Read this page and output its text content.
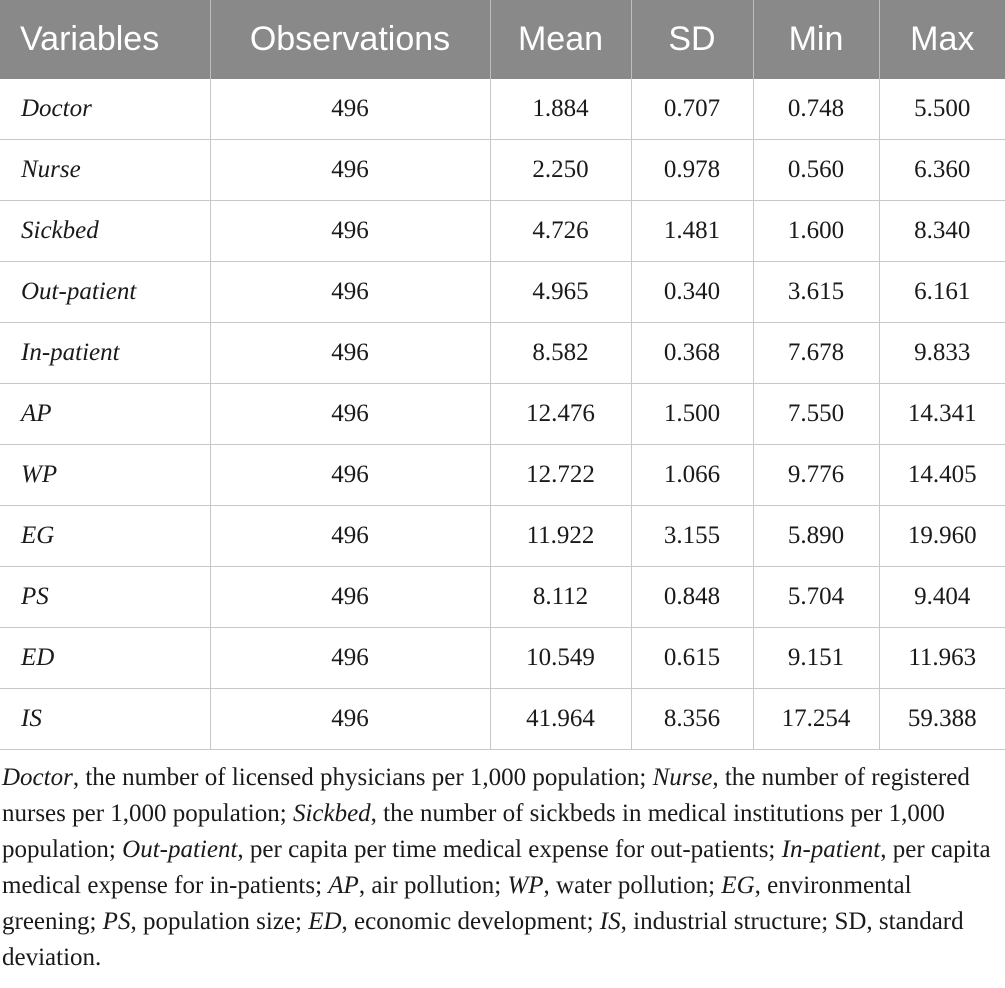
Variables	Observations	Mean	SD	Min	Max
Doctor	496	1.884	0.707	0.748	5.500
Nurse	496	2.250	0.978	0.560	6.360
Sickbed	496	4.726	1.481	1.600	8.340
Out-patient	496	4.965	0.340	3.615	6.161
In-patient	496	8.582	0.368	7.678	9.833
AP	496	12.476	1.500	7.550	14.341
WP	496	12.722	1.066	9.776	14.405
EG	496	11.922	3.155	5.890	19.960
PS	496	8.112	0.848	5.704	9.404
ED	496	10.549	0.615	9.151	11.963
IS	496	41.964	8.356	17.254	59.388
Doctor, the number of licensed physicians per 1,000 population; Nurse, the number of registered nurses per 1,000 population; Sickbed, the number of sickbeds in medical institutions per 1,000 population; Out-patient, per capita per time medical expense for out-patients; In-patient, per capita medical expense for in-patients; AP, air pollution; WP, water pollution; EG, environmental greening; PS, population size; ED, economic development; IS, industrial structure; SD, standard deviation.
